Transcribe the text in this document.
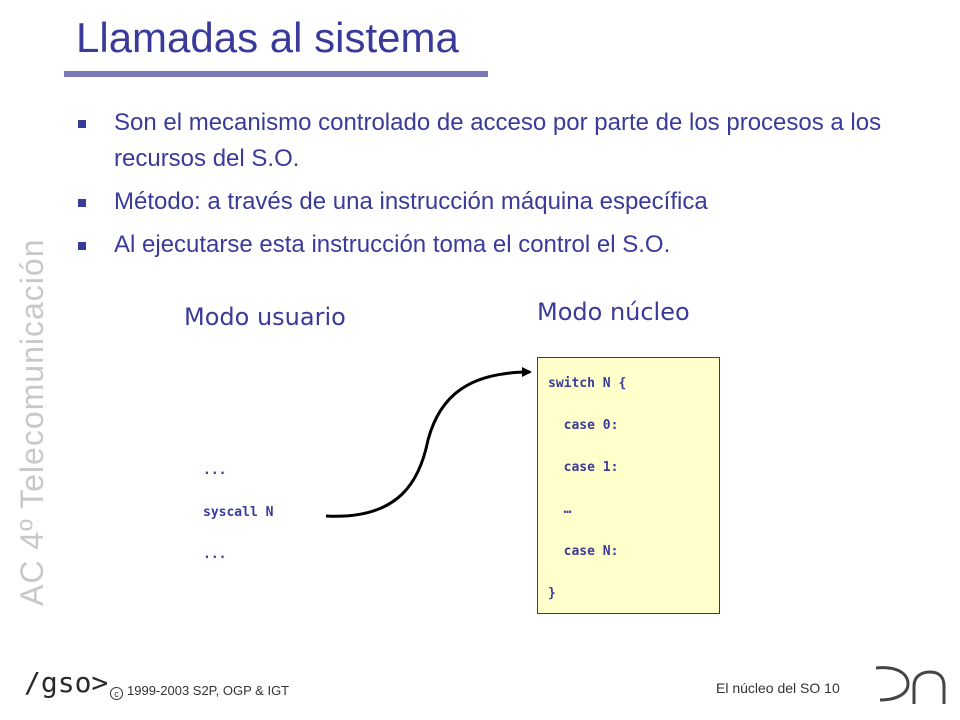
Llamadas al sistema
AC 4º Telecomunicación
Son el mecanismo controlado de acceso por parte de los procesos a los recursos del S.O.
Método: a través de una instrucción máquina específica
Al ejecutarse esta instrucción toma el control el S.O.
Modo usuario	Modo núcleo
...
syscall N
...
switch N {
case 0:
case 1:
…
case N:
}
/gso> c 1999-2003 S2P, OGP & IGT	El núcleo del SO 10
